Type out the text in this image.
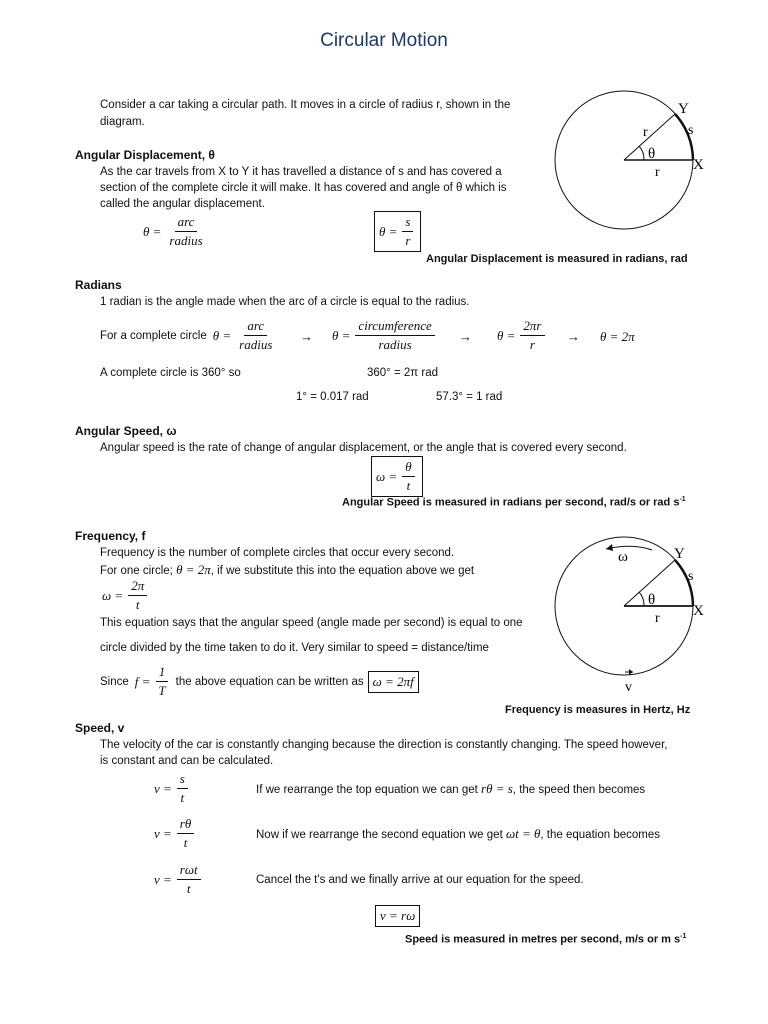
Circular Motion
Consider a car taking a circular path. It moves in a circle of radius r, shown in the
diagram.
Y
X
s
r
r
θ
Angular Displacement, θ
As the car travels from X to Y it has travelled a distance of s and has covered a
section of the complete circle it will make. It has covered and angle of θ which is
called the angular displacement.
$\theta = \frac{\text{arc}}{\text{radius}}$	$\theta = \frac{s}{r}$
Angular Displacement is measured in radians, rad
Radians
1 radian is the angle made when the arc of a circle is equal to the radius.
For a complete circle $\theta = \frac{\text{arc}}{\text{radius}} \to \theta = \frac{\text{circumference}}{\text{radius}} \to \theta = \frac{2\pi r}{r} \to \theta = 2\pi$
A complete circle is 360° so	360° = 2π rad
1° = 0.017 rad	57.3° = 1 rad
Angular Speed, ω
Angular speed is the rate of change of angular displacement, or the angle that is covered every second.
$\omega = \frac{\theta}{t}$
Angular Speed is measured in radians per second, rad/s or rad $s^{-1}$
ω	Y
X
s
r
θ
v
Frequency, f
Frequency is the number of complete circles that occur every second.
For one circle; θ = 2π, if we substitute this into the equation above we get
$\omega = \frac{2\pi}{t}$
This equation says that the angular speed (angle made per second) is equal to one
circle divided by the time taken to do it. Very similar to speed = distance/time
Since $f = \frac{1}{T}$ the above equation can be written as ω = 2πf
Frequency is measures in Hertz, Hz
Speed, v
The velocity of the car is constantly changing because the direction is constantly changing. The speed however,
is constant and can be calculated.
$v = \frac{s}{t}$	If we rearrange the top equation we can get rθ = s, the speed then becomes
$v = \frac{r\theta}{t}$	Now if we rearrange the second equation we get ωt = θ, the equation becomes
$v = \frac{\text{rωt}}{t}$	Cancel the t's and we finally arrive at our equation for the speed.
v = rω
Speed is measured in metres per second, m/s or m $s^{-1}$
